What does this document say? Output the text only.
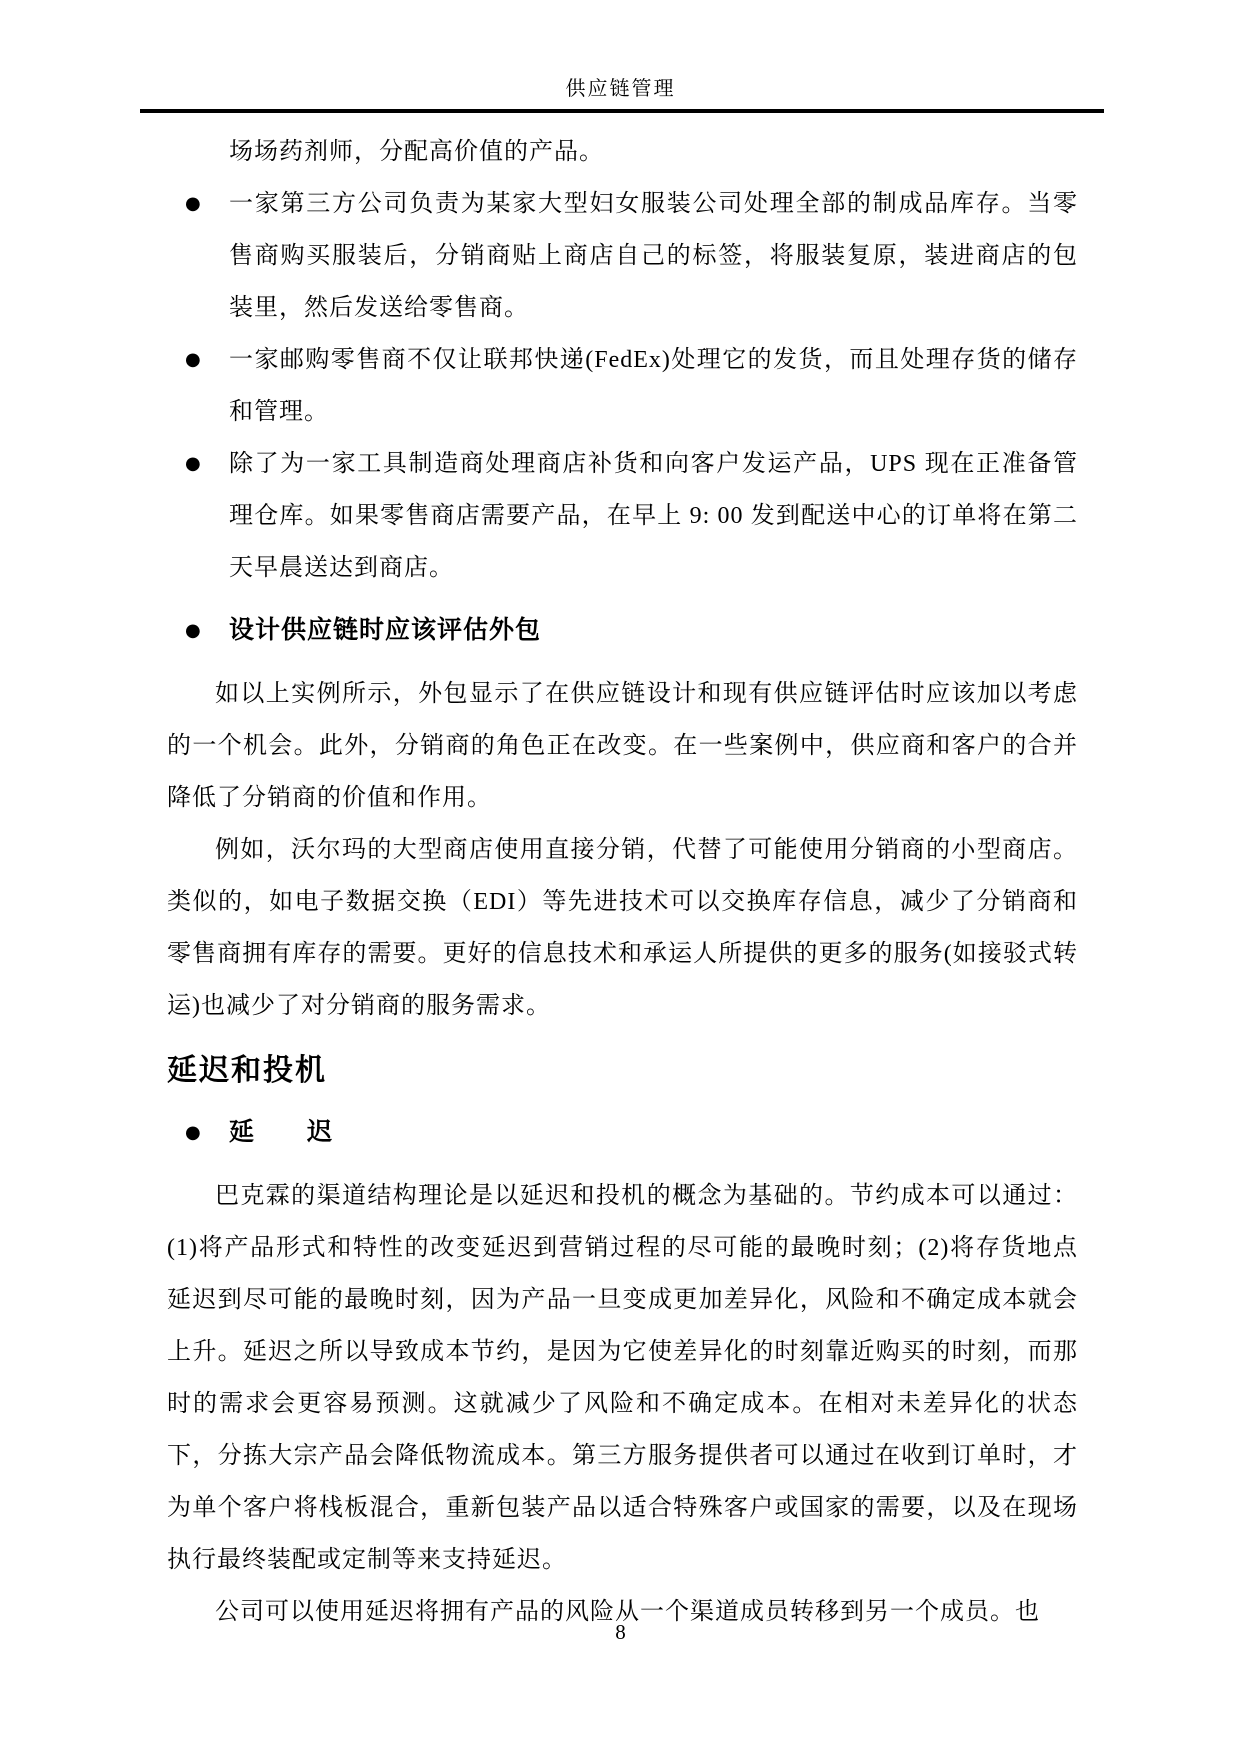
供应链管理

场场药剂师，分配高价值的产品。

● 一家第三方公司负责为某家大型妇女服装公司处理全部的制成品库存。当零售商购买服装后，分销商贴上商店自己的标签，将服装复原，装进商店的包装里，然后发送给零售商。

● 一家邮购零售商不仅让联邦快递(FedEx)处理它的发货，而且处理存货的储存和管理。

● 除了为一家工具制造商处理商店补货和向客户发运产品，UPS 现在正准备管理仓库。如果零售商店需要产品，在早上 9: 00 发到配送中心的订单将在第二天早晨送达到商店。

● 设计供应链时应该评估外包

如以上实例所示，外包显示了在供应链设计和现有供应链评估时应该加以考虑的一个机会。此外，分销商的角色正在改变。在一些案例中，供应商和客户的合并降低了分销商的价值和作用。

例如，沃尔玛的大型商店使用直接分销，代替了可能使用分销商的小型商店。类似的，如电子数据交换（EDI）等先进技术可以交换库存信息，减少了分销商和零售商拥有库存的需要。更好的信息技术和承运人所提供的更多的服务(如接驳式转运)也减少了对分销商的服务需求。

延迟和投机
● 延　　迟

巴克霖的渠道结构理论是以延迟和投机的概念为基础的。节约成本可以通过：(1)将产品形式和特性的改变延迟到营销过程的尽可能的最晚时刻；(2)将存货地点延迟到尽可能的最晚时刻，因为产品一旦变成更加差异化，风险和不确定成本就会上升。延迟之所以导致成本节约，是因为它使差异化的时刻靠近购买的时刻，而那时的需求会更容易预测。这就减少了风险和不确定成本。在相对未差异化的状态下，分拣大宗产品会降低物流成本。第三方服务提供者可以通过在收到订单时，才为单个客户将栈板混合，重新包装产品以适合特殊客户或国家的需要，以及在现场执行最终装配或定制等来支持延迟。

公司可以使用延迟将拥有产品的风险从一个渠道成员转移到另一个成员。也

8
